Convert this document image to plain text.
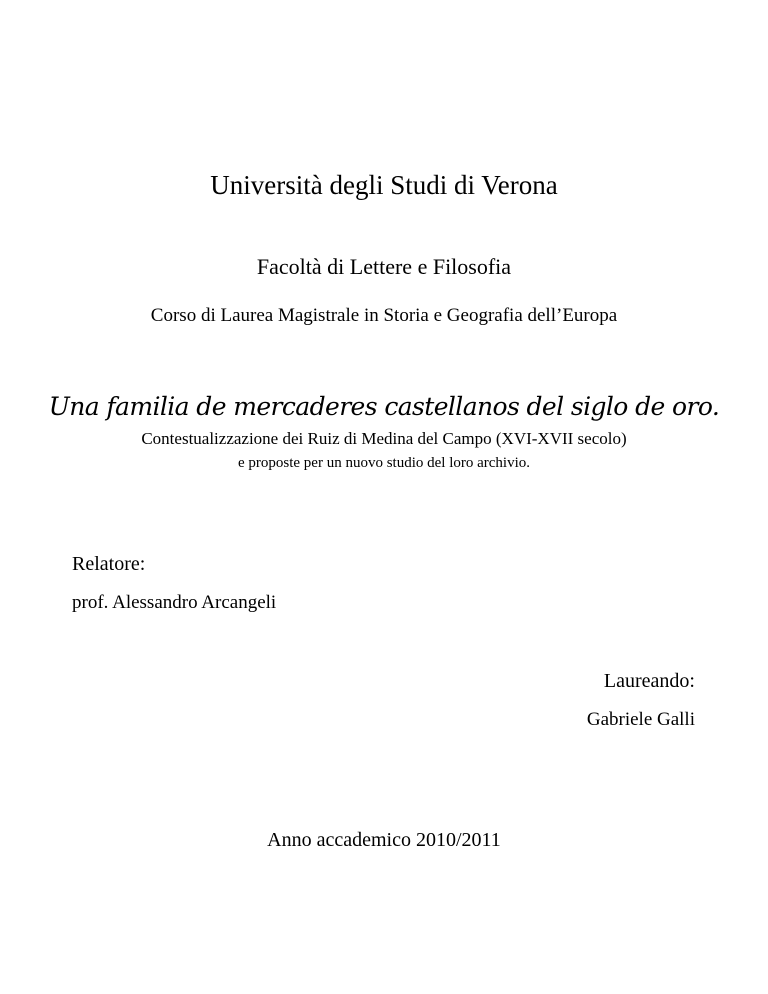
Università degli Studi di Verona
Facoltà di Lettere e Filosofia
Corso di Laurea Magistrale in Storia e Geografia dell’Europa
Una familia de mercaderes castellanos del siglo de oro.
Contestualizzazione dei Ruiz di Medina del Campo (XVI-XVII secolo)
e proposte per un nuovo studio del loro archivio.
Relatore:
prof. Alessandro Arcangeli
Laureando:
Gabriele Galli
Anno accademico 2010/2011
